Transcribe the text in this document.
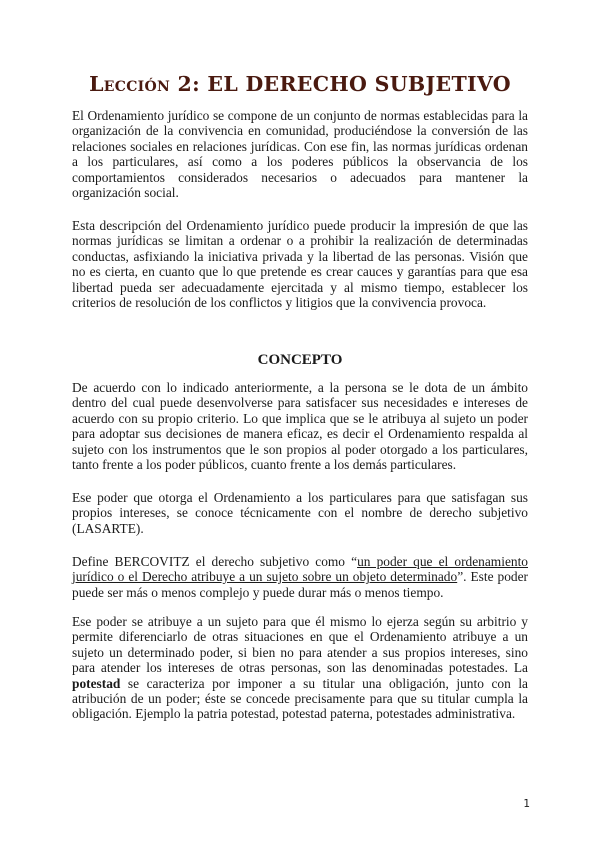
Lección 2: EL DERECHO SUBJETIVO

El Ordenamiento jurídico se compone de un conjunto de normas establecidas para la organización de la convivencia en comunidad, produciéndose la conversión de las relaciones sociales en relaciones jurídicas. Con ese fin, las normas jurídicas ordenan a los particulares, así como a los poderes públicos la observancia de los comportamientos considerados necesarios o adecuados para mantener la organización social.

Esta descripción del Ordenamiento jurídico puede producir la impresión de que las normas jurídicas se limitan a ordenar o a prohibir la realización de determinadas conductas, asfixiando la iniciativa privada y la libertad de las personas. Visión que no es cierta, en cuanto que lo que pretende es crear cauces y garantías para que esa libertad pueda ser adecuadamente ejercitada y al mismo tiempo, establecer los criterios de resolución de los conflictos y litigios que la convivencia provoca.

CONCEPTO

De acuerdo con lo indicado anteriormente, a la persona se le dota de un ámbito dentro del cual puede desenvolverse para satisfacer sus necesidades e intereses de acuerdo con su propio criterio. Lo que implica que se le atribuya al sujeto un poder para adoptar sus decisiones de manera eficaz, es decir el Ordenamiento respalda al sujeto con los instrumentos que le son propios al poder otorgado a los particulares, tanto frente a los poder públicos, cuanto frente a los demás particulares.

Ese poder que otorga el Ordenamiento a los particulares para que satisfagan sus propios intereses, se conoce técnicamente con el nombre de derecho subjetivo (LASARTE).

Define BERCOVITZ el derecho subjetivo como “un poder que el ordenamiento jurídico o el Derecho atribuye a un sujeto sobre un objeto determinado”. Este poder puede ser más o menos complejo y puede durar más o menos tiempo.

Ese poder se atribuye a un sujeto para que él mismo lo ejerza según su arbitrio y permite diferenciarlo de otras situaciones en que el Ordenamiento atribuye a un sujeto un determinado poder, si bien no para atender a sus propios intereses, sino para atender los intereses de otras personas, son las denominadas potestades. La potestad se caracteriza por imponer a su titular una obligación, junto con la atribución de un poder; éste se concede precisamente para que su titular cumpla la obligación. Ejemplo la patria potestad, potestad paterna, potestades administrativa.

1
